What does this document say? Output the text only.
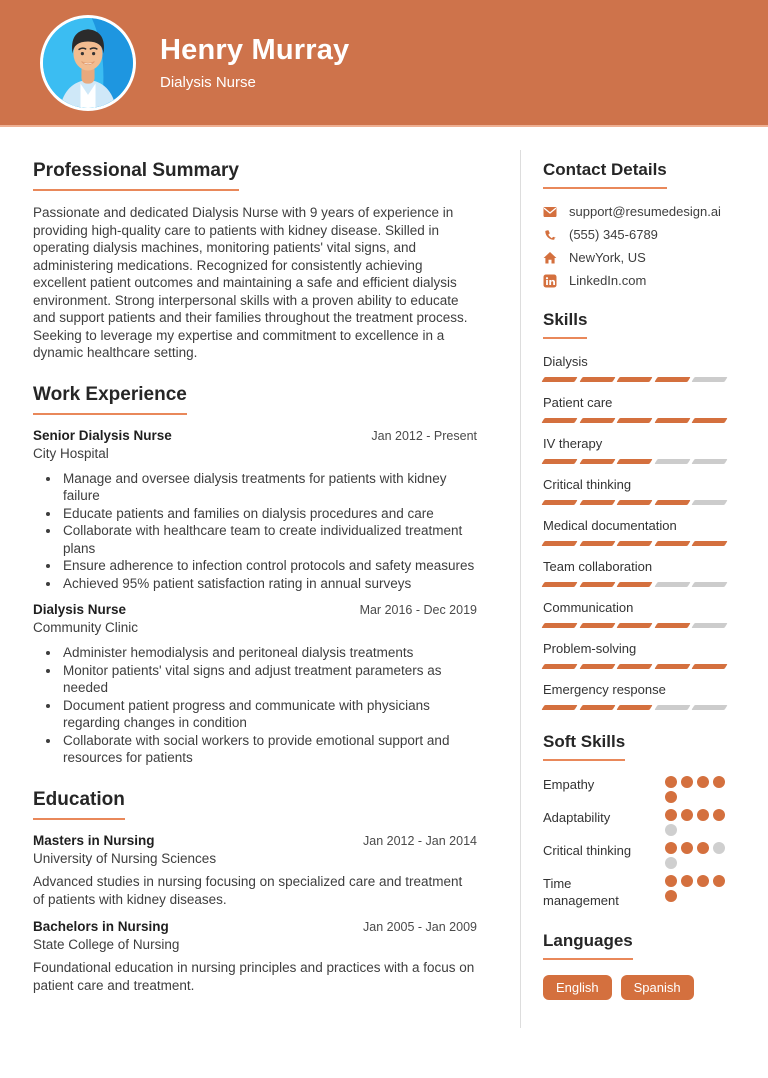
Henry Murray
Dialysis Nurse
Professional Summary

Passionate and dedicated Dialysis Nurse with 9 years of experience in providing high-quality care to patients with kidney disease. Skilled in operating dialysis machines, monitoring patients' vital signs, and administering medications. Recognized for consistently achieving excellent patient outcomes and maintaining a safe and efficient dialysis environment. Strong interpersonal skills with a proven ability to educate and support patients and their families throughout the treatment process. Seeking to leverage my expertise and commitment to excellence in a dynamic healthcare setting.

Work Experience
Senior Dialysis Nurse	Jan 2012 - Present
City Hospital
• Manage and oversee dialysis treatments for patients with kidney failure
• Educate patients and families on dialysis procedures and care
• Collaborate with healthcare team to create individualized treatment plans
• Ensure adherence to infection control protocols and safety measures
• Achieved 95% patient satisfaction rating in annual surveys
Dialysis Nurse	Mar 2016 - Dec 2019
Community Clinic
• Administer hemodialysis and peritoneal dialysis treatments
• Monitor patients' vital signs and adjust treatment parameters as needed
• Document patient progress and communicate with physicians regarding changes in condition
• Collaborate with social workers to provide emotional support and resources for patients
Education
Masters in Nursing	Jan 2012 - Jan 2014
University of Nursing Sciences

Advanced studies in nursing focusing on specialized care and treatment of patients with kidney diseases.

Bachelors in Nursing	Jan 2005 - Jan 2009
State College of Nursing

Foundational education in nursing principles and practices with a focus on patient care and treatment.

Contact Details
support@resumedesign.ai
(555) 345-6789
NewYork, US
LinkedIn.com
Skills
Dialysis
Patient care
IV therapy
Critical thinking
Medical documentation
Team collaboration
Communication
Problem-solving
Emergency response
Soft Skills
Empathy
Adaptability
Critical thinking
Time management
Languages
English	Spanish
